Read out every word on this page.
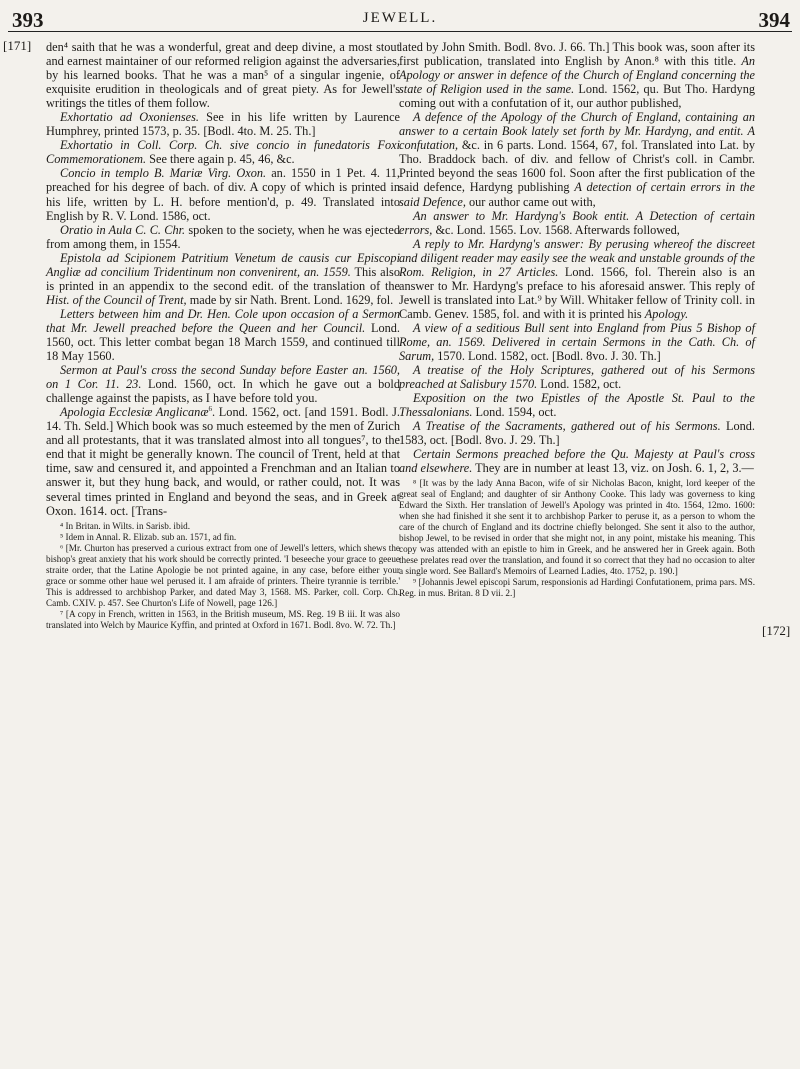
393	JEWELL.	394
[171]
[172]

den⁴ saith that he was a wonderful, great and deep divine, a most stout and earnest maintainer of our reformed religion against the adversaries, by his learned books. That he was a man⁵ of a singular ingenie, of exquisite erudition in theologicals and of great piety. As for Jewell's writings the titles of them follow.

Exhortatio ad Oxonienses. See in his life written by Laurence Humphrey, printed 1573, p. 35. [Bodl. 4to. M. 25. Th.]

Exhortatio in Coll. Corp. Ch. sive concio in funedatoris Foxi Commemorationem. See there again p. 45, 46, &c.

Concio in templo B. Mariæ Virg. Oxon. an. 1550 in 1 Pet. 4. 11, preached for his degree of bach. of div. A copy of which is printed in his life, written by L. H. before mention'd, p. 49. Translated into English by R. V. Lond. 1586, oct.

Oratio in Aula C. C. Chr. spoken to the society, when he was ejected from among them, in 1554.

Epistola ad Scipionem Patritium Venetum de causis cur Episcopi Angliæ ad concilium Tridentinum non convenirent, an. 1559. This also is printed in an appendix to the second edit. of the translation of the Hist. of the Council of Trent, made by sir Nath. Brent. Lond. 1629, fol.

Letters between him and Dr. Hen. Cole upon occasion of a Sermon that Mr. Jewell preached before the Queen and her Council. Lond. 1560, oct. This letter combat began 18 March 1559, and continued till 18 May 1560.

Sermon at Paul's cross the second Sunday before Easter an. 1560, on 1 Cor. 11. 23. Lond. 1560, oct. In which he gave out a bold challenge against the papists, as I have before told you.

Apologia Ecclesiæ Anglicanæ$^6$. Lond. 1562, oct. [and 1591. Bodl. J. 14. Th. Seld.] Which book was so much esteemed by the men of Zurich and all protestants, that it was translated almost into all tongues⁷, to the end that it might be generally known. The council of Trent, held at that time, saw and censured it, and appointed a Frenchman and an Italian to answer it, but they hung back, and would, or rather could, not. It was several times printed in England and beyond the seas, and in Greek at Oxon. 1614. oct. [Trans-

⁴ In Britan. in Wilts. in Sarisb. ibid.

⁵ Idem in Annal. R. Elizab. sub an. 1571, ad fin.

⁶ [Mr. Churton has preserved a curious extract from one of Jewell's letters, which shews the bishop's great anxiety that his work should be correctly printed. 'I beseeche your grace to geeue straite order, that the Latine Apologie be not printed againe, in any case, before either your grace or somme other haue wel perused it. I am afraide of printers. Theire tyrannie is terrible.' This is addressed to archbishop Parker, and dated May 3, 1568. MS. Parker, coll. Corp. Ch. Camb. CXIV. p. 457. See Churton's Life of Nowell, page 126.]

⁷ [A copy in French, written in 1563, in the British museum, MS. Reg. 19 B iii. It was also translated into Welch by Maurice Kyffin, and printed at Oxford in 1671. Bodl. 8vo. W. 72. Th.]

lated by John Smith. Bodl. 8vo. J. 66. Th.] This book was, soon after its first publication, translated into English by Anon.⁸ with this title. An Apology or answer in defence of the Church of England concerning the state of Religion used in the same. Lond. 1562, qu. But Tho. Hardyng coming out with a confutation of it, our author published,

A defence of the Apology of the Church of England, containing an answer to a certain Book lately set forth by Mr. Hardyng, and entit. A confutation, &c. in 6 parts. Lond. 1564, 67, fol. Translated into Lat. by Tho. Braddock bach. of div. and fellow of Christ's coll. in Cambr. Printed beyond the seas 1600 fol. Soon after the first publication of the said defence, Hardyng publishing A detection of certain errors in the said Defence, our author came out with,

An answer to Mr. Hardyng's Book entit. A Detection of certain errors, &c. Lond. 1565. Lov. 1568. Afterwards followed,

A reply to Mr. Hardyng's answer: By perusing whereof the discreet and diligent reader may easily see the weak and unstable grounds of the Rom. Religion, in 27 Articles. Lond. 1566, fol. Therein also is an answer to Mr. Hardyng's preface to his aforesaid answer. This reply of Jewell is translated into Lat.⁹ by Will. Whitaker fellow of Trinity coll. in Camb. Genev. 1585, fol. and with it is printed his Apology.

A view of a seditious Bull sent into England from Pius 5 Bishop of Rome, an. 1569. Delivered in certain Sermons in the Cath. Ch. of Sarum, 1570. Lond. 1582, oct. [Bodl. 8vo. J. 30. Th.]

A treatise of the Holy Scriptures, gathered out of his Sermons preached at Salisbury 1570. Lond. 1582, oct.

Exposition on the two Epistles of the Apostle St. Paul to the Thessalonians. Lond. 1594, oct.

A Treatise of the Sacraments, gathered out of his Sermons. Lond. 1583, oct. [Bodl. 8vo. J. 29. Th.]

Certain Sermons preached before the Qu. Majesty at Paul's cross and elsewhere. They are in number at least 13, viz. on Josh. 6. 1, 2, 3.—

⁸ [It was by the lady Anna Bacon, wife of sir Nicholas Bacon, knight, lord keeper of the great seal of England; and daughter of sir Anthony Cooke. This lady was governess to king Edward the Sixth. Her translation of Jewell's Apology was printed in 4to. 1564, 12mo. 1600: when she had finished it she sent it to archbishop Parker to peruse it, as a person to whom the care of the church of England and its doctrine chiefly belonged. She sent it also to the author, bishop Jewel, to be revised in order that she might not, in any point, mistake his meaning. This copy was attended with an epistle to him in Greek, and he answered her in Greek again. Both these prelates read over the translation, and found it so correct that they had no occasion to alter a single word. See Ballard's Memoirs of Learned Ladies, 4to. 1752, p. 190.]

⁹ [Johannis Jewel episcopi Sarum, responsionis ad Hardingi Confutationem, prima pars. MS. Reg. in mus. Britan. 8 D vii. 2.]
